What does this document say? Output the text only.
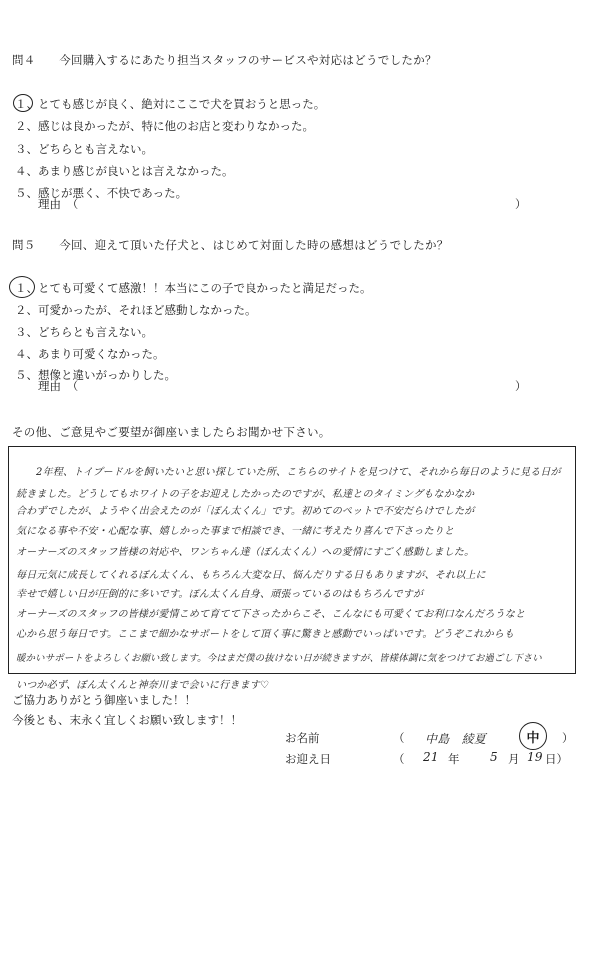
問４　　今回購入するにあたり担当スタッフのサービスや対応はどうでしたか？
１、とても感じが良く、絶対にここで犬を買おうと思った。
２、感じは良かったが、特に他のお店と変わりなかった。
３、どちらとも言えない。
４、あまり感じが良いとは言えなかった。
５、感じが悪く、不快であった。
理由　（	）
問５　　今回、迎えて頂いた仔犬と、はじめて対面した時の感想はどうでしたか？
１、とても可愛くて感激！！本当にこの子で良かったと満足だった。
２、可愛かったが、それほど感動しなかった。
３、どちらとも言えない。
４、あまり可愛くなかった。
５、想像と違いがっかりした。
理由　（	）
その他、ご意見やご要望が御座いましたらお聞かせ下さい。
2年程、トイプードルを飼いたいと思い探していた所、こちらのサイトを見つけて、それから毎日のように見る日が
続きました。どうしてもホワイトの子をお迎えしたかったのですが、私達とのタイミングもなかなか
合わずでしたが、ようやく出会えたのが「ぽん太くん」です。初めてのペットで不安だらけでしたが
気になる事や不安・心配な事、嬉しかった事まで相談でき、一緒に考えたり喜んで下さったりと
オーナーズのスタッフ皆様の対応や、ワンちゃん達（ぽん太くん）への愛情にすごく感動しました。
毎日元気に成長してくれるぽん太くん、もちろん大変な日、悩んだりする日もありますが、それ以上に
幸せで嬉しい日が圧倒的に多いです。ぽん太くん自身、頑張っているのはもちろんですが
オーナーズのスタッフの皆様が愛情こめて育てて下さったからこそ、こんなにも可愛くてお利口なんだろうなと
心から思う毎日です。ここまで細かなサポートをして頂く事に驚きと感動でいっぱいです。どうぞこれからも
暖かいサポートをよろしくお願い致します。今はまだ僕の抜けない日が続きますが、皆様体調に気をつけてお過ごし下さい
いつか必ず、ぽん太くんと神奈川まで会いに行きます♡
ご協力ありがとう御座いました！！
今後とも、末永く宜しくお願い致します！！
お名前	（ 中島　綾夏	中	）
お迎え日	（ 21 年	5 月 19 日）
